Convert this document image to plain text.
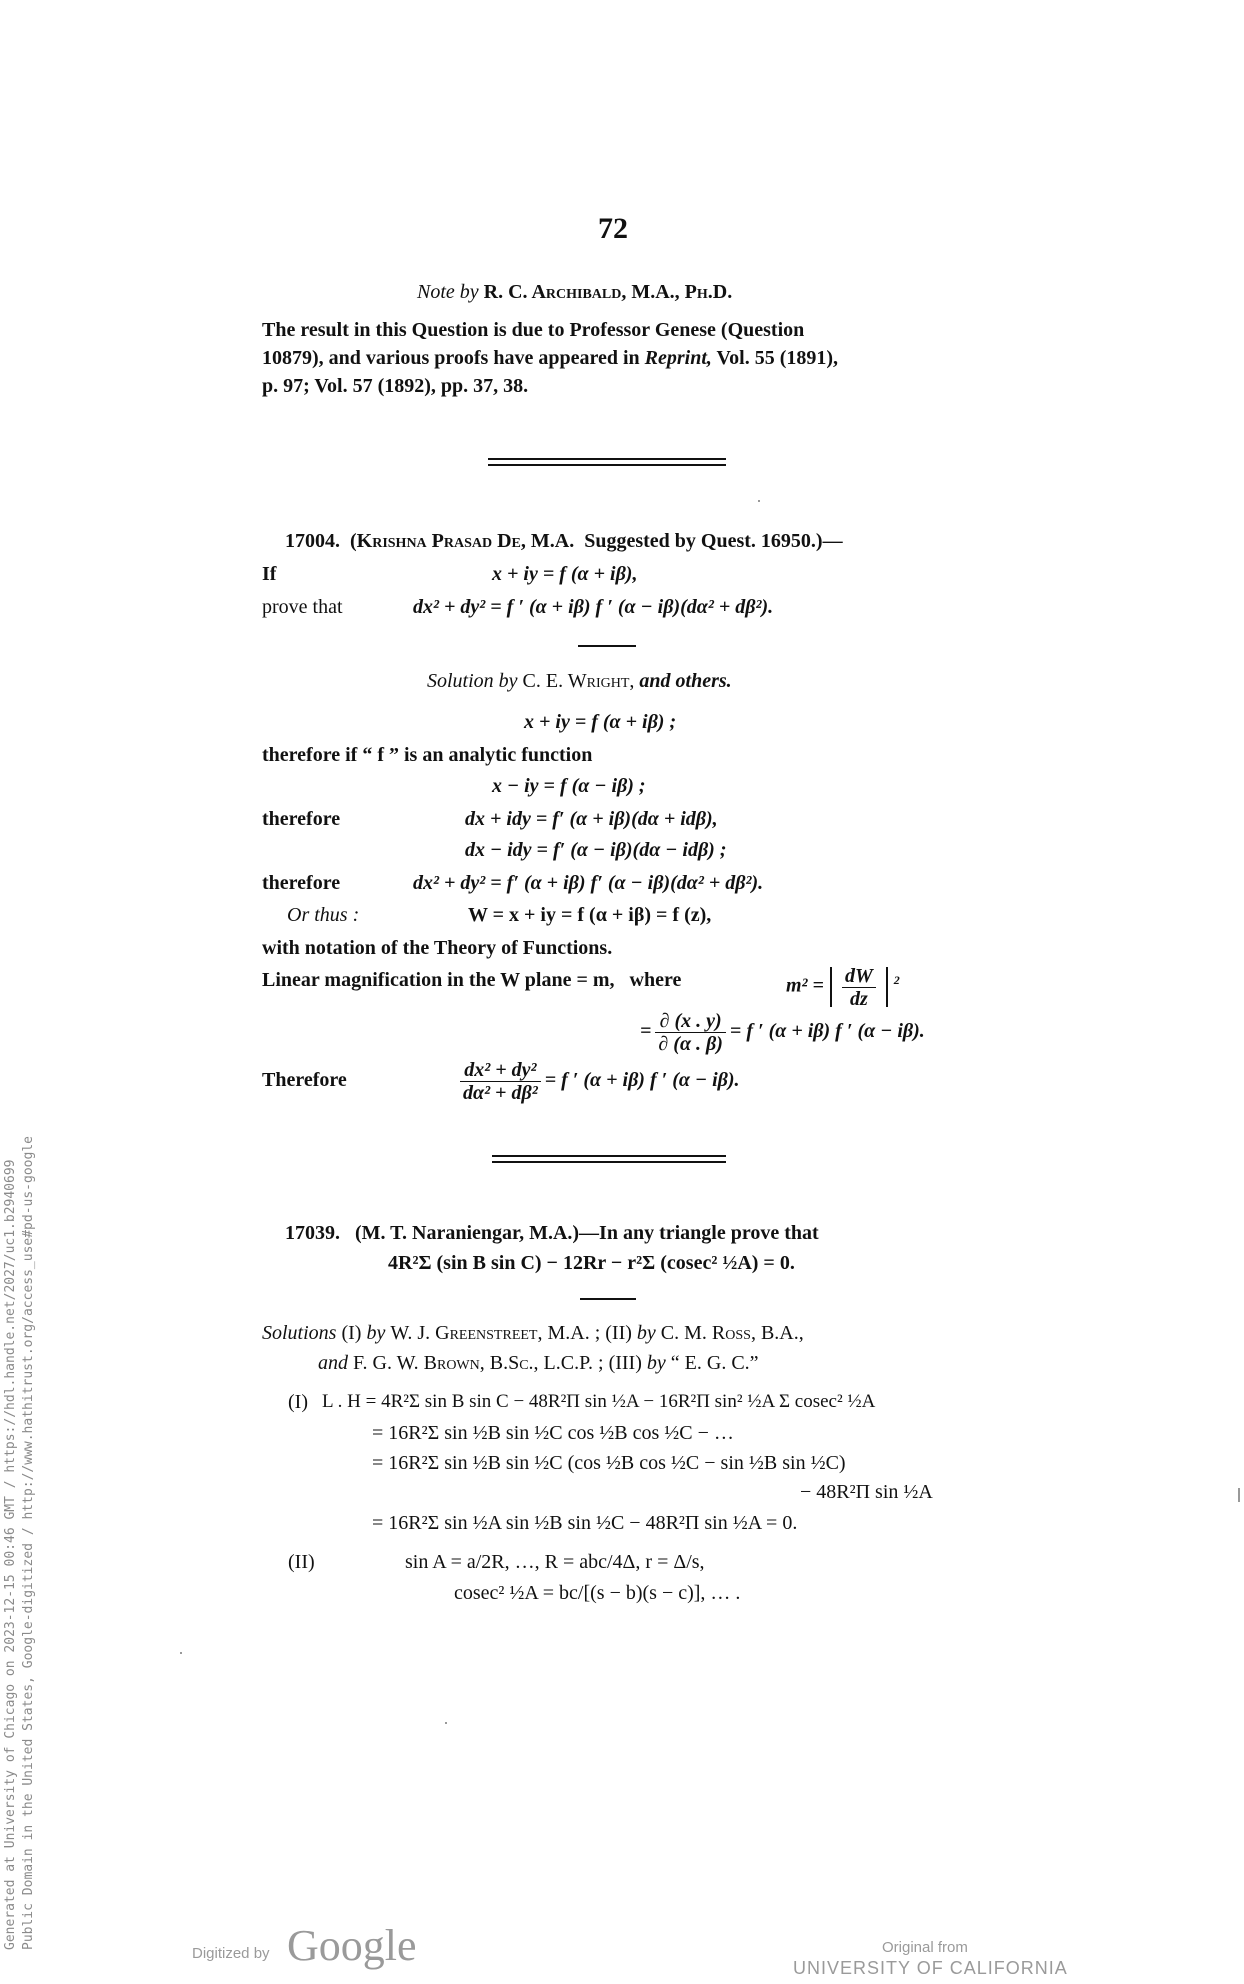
72
Note by R. C. Archibald, M.A., Ph.D.
The result in this Question is due to Professor Genese (Question
10879), and various proofs have appeared in Reprint, Vol. 55 (1891),
p. 97; Vol. 57 (1892), pp. 37, 38.
17004. (Krishna Prasad De, M.A. Suggested by Quest. 16950.)—
If	x + iy = f (α + iβ),
prove that	dx² + dy² = f ′ (α + iβ) f ′ (α − iβ)(dα² + dβ²).
Solution by C. E. Wright, and others.
x + iy = f (α + iβ) ;
therefore if “ f ” is an analytic function
x − iy = f (α − iβ) ;
therefore	dx + idy = f′ (α + iβ)(dα + idβ),
dx − idy = f′ (α − iβ)(dα − idβ) ;
therefore	dx² + dy² = f′ (α + iβ) f′ (α − iβ)(dα² + dβ²).
Or thus :	W = x + iy = f (α + iβ) = f (z),
with notation of the Theory of Functions.
Linear magnification in the W plane = m, where	$m^2 = \frac{dW}{dz} ^2$
= $\frac{\partial (x . y)}{\partial (\alpha . \beta)} = f$ ′ (α + iβ) f ′ (α − iβ).
Therefore	$\frac{\text{dx² + dy²}}{\text{dα² + dβ²}} = f$ ′ (α + iβ) f ′ (α − iβ).
17039. (M. T. Naraniengar, M.A.)—In any triangle prove that
4R²Σ (sin B sin C) − 12Rr − r²Σ (cosec² ½A) = 0.
Solutions (I) by W. J. Greenstreet, M.A. ; (II) by C. M. Ross, B.A.,
and F. G. W. Brown, B.Sc., L.C.P. ; (III) by “ E. G. C.”
(I) L . H = 4R²Σ sin B sin C − 48R²Π sin ½A − 16R²Π sin² ½A Σ cosec² ½A
= 16R²Σ sin ½B sin ½C cos ½B cos ½C − …
= 16R²Σ sin ½B sin ½C (cos ½B cos ½C − sin ½B sin ½C)
− 48R²Π sin ½A
= 16R²Σ sin ½A sin ½B sin ½C − 48R²Π sin ½A = 0.
(II)	sin A = a/2R, …, R = abc/4Δ, r = Δ/s,
cosec² ½A = bc/[(s − b)(s − c)], … .
Generated at University of Chicago on 2023-12-15 00:46 GMT / https://hdl.handle.net/2027/uc1.b2940699 Public Domain in the United States, Google-digitized / http://www.hathitrust.org/access_use#pd-us-google
Digitized by Google	Original from
UNIVERSITY OF CALIFORNIA
